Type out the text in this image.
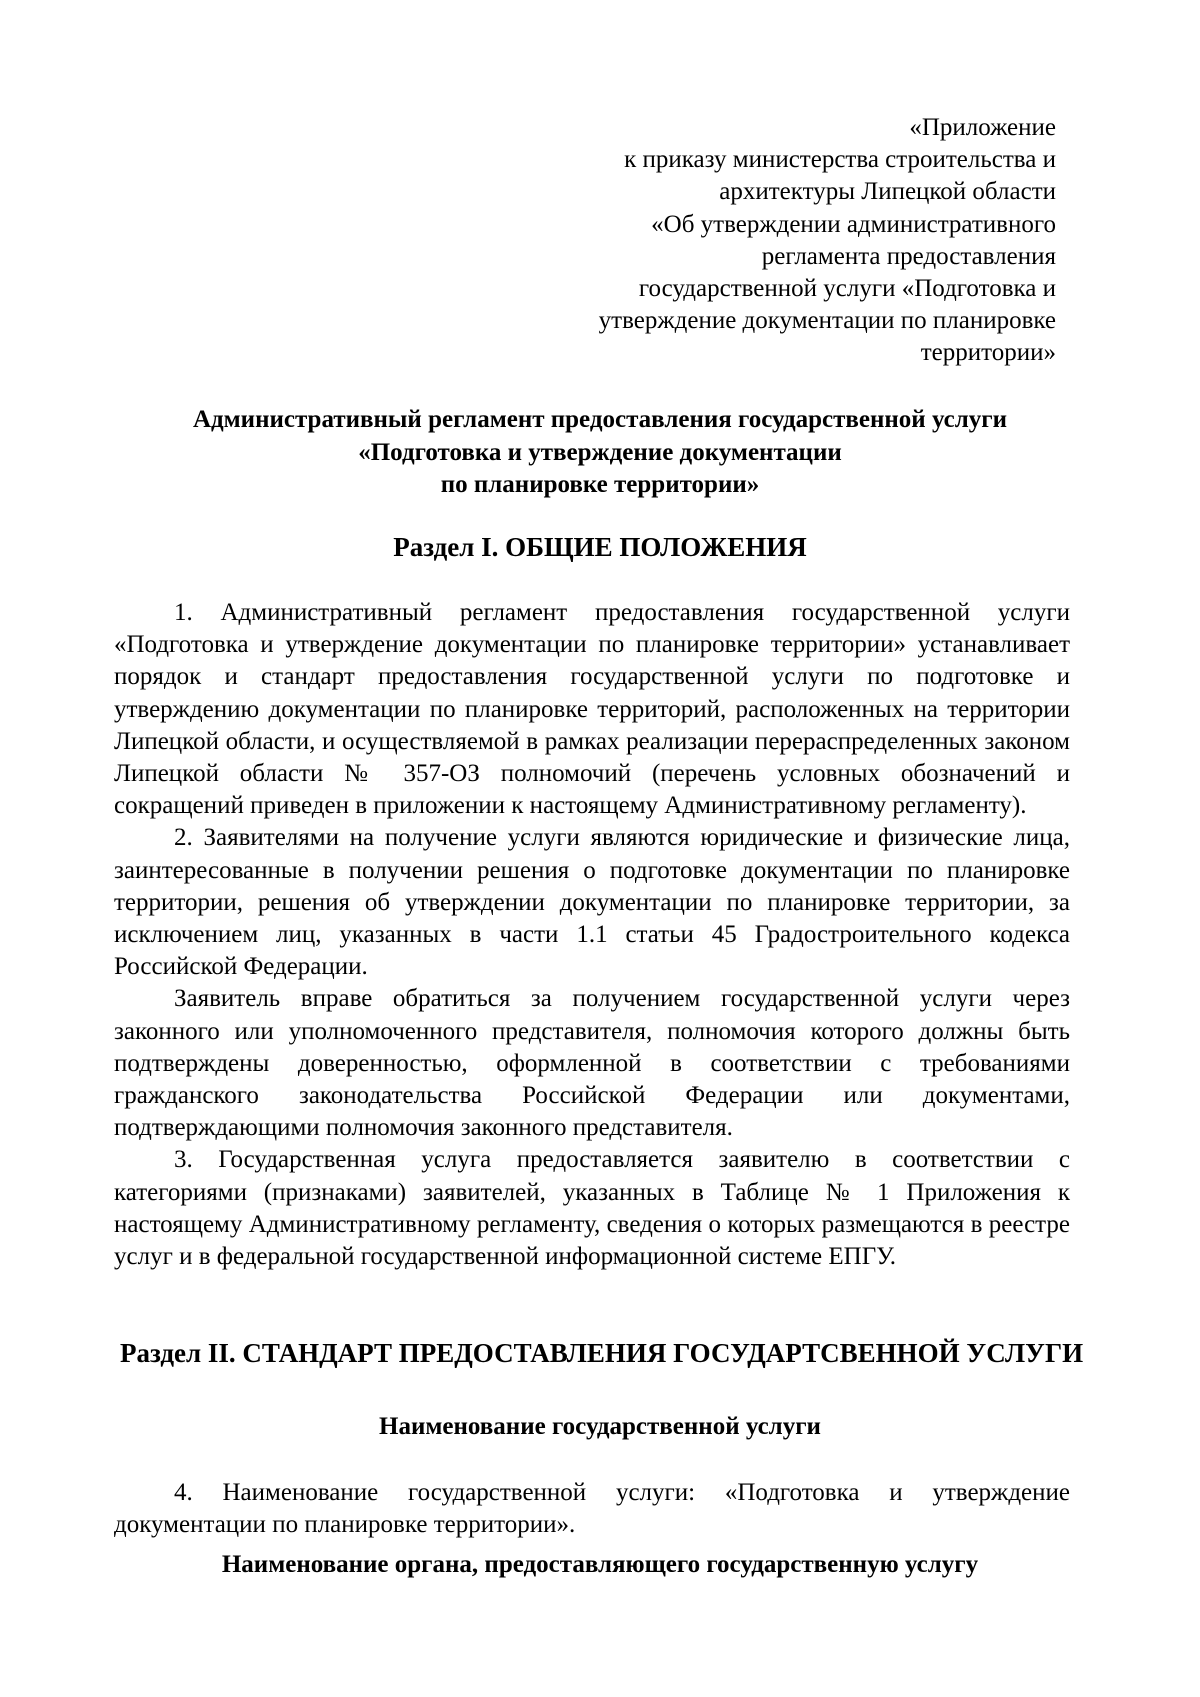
«Приложение
к приказу министерства строительства и
архитектуры Липецкой области
«Об утверждении административного
регламента предоставления
государственной услуги «Подготовка и
утверждение документации по планировке
территории»
Административный регламент предоставления государственной услуги
«Подготовка и утверждение документации
по планировке территории»
Раздел I. ОБЩИЕ ПОЛОЖЕНИЯ

1. Административный регламент предоставления государственной услуги «Подготовка и утверждение документации по планировке территории» устанавливает порядок и стандарт предоставления государственной услуги по подготовке и утверждению документации по планировке территорий, расположенных на территории Липецкой области, и осуществляемой в рамках реализации перераспределенных законом Липецкой области № 357-ОЗ полномочий (перечень условных обозначений и сокращений приведен в приложении к настоящему Административному регламенту).

2. Заявителями на получение услуги являются юридические и физические лица, заинтересованные в получении решения о подготовке документации по планировке территории, решения об утверждении документации по планировке территории, за исключением лиц, указанных в части 1.1 статьи 45 Градостроительного кодекса Российской Федерации.

Заявитель вправе обратиться за получением государственной услуги через законного или уполномоченного представителя, полномочия которого должны быть подтверждены доверенностью, оформленной в соответствии с требованиями гражданского законодательства Российской Федерации или документами, подтверждающими полномочия законного представителя.

3. Государственная услуга предоставляется заявителю в соответствии с категориями (признаками) заявителей, указанных в Таблице № 1 Приложения к настоящему Административному регламенту, сведения о которых размещаются в реестре услуг и в федеральной государственной информационной системе ЕПГУ.

Раздел II. СТАНДАРТ ПРЕДОСТАВЛЕНИЯ ГОСУДАРТСВЕННОЙ УСЛУГИ
Наименование государственной услуги

4. Наименование государственной услуги: «Подготовка и утверждение документации по планировке территории».

Наименование органа, предоставляющего государственную услугу
